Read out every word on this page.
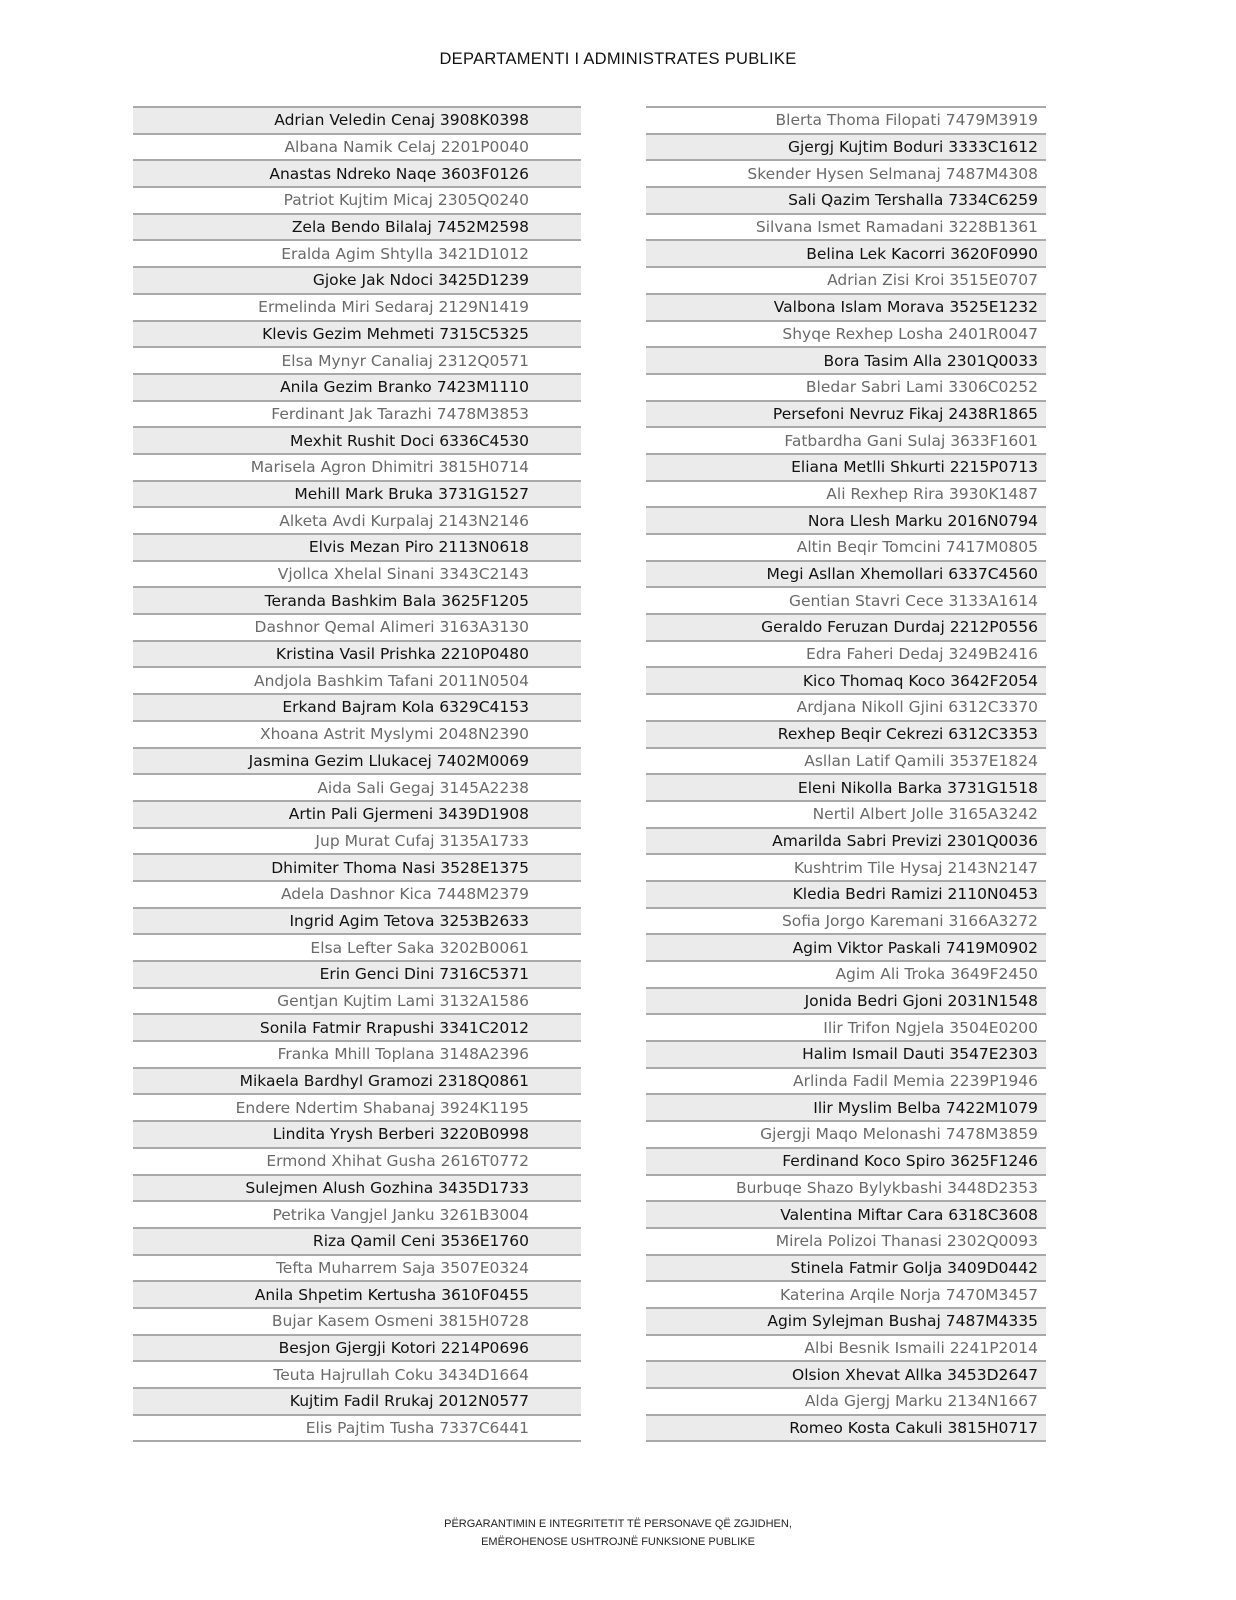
DEPARTAMENTI I ADMINISTRATES PUBLIKE
Adrian Veledin Cenaj 3908K0398
Albana Namik Celaj 2201P0040
Anastas Ndreko Naqe 3603F0126
Patriot Kujtim Micaj 2305Q0240
Zela Bendo Bilalaj 7452M2598
Eralda Agim Shtylla 3421D1012
Gjoke Jak Ndoci 3425D1239
Ermelinda Miri Sedaraj 2129N1419
Klevis Gezim Mehmeti 7315C5325
Elsa Mynyr Canaliaj 2312Q0571
Anila Gezim Branko 7423M1110
Ferdinant Jak Tarazhi 7478M3853
Mexhit Rushit Doci 6336C4530
Marisela Agron Dhimitri 3815H0714
Mehill Mark Bruka 3731G1527
Alketa Avdi Kurpalaj 2143N2146
Elvis Mezan Piro 2113N0618
Vjollca Xhelal Sinani 3343C2143
Teranda Bashkim Bala 3625F1205
Dashnor Qemal Alimeri 3163A3130
Kristina Vasil Prishka 2210P0480
Andjola Bashkim Tafani 2011N0504
Erkand Bajram Kola 6329C4153
Xhoana Astrit Myslymi 2048N2390
Jasmina Gezim Llukacej 7402M0069
Aida Sali Gegaj 3145A2238
Artin Pali Gjermeni 3439D1908
Jup Murat Cufaj 3135A1733
Dhimiter Thoma Nasi 3528E1375
Adela Dashnor Kica 7448M2379
Ingrid Agim Tetova 3253B2633
Elsa Lefter Saka 3202B0061
Erin Genci Dini 7316C5371
Gentjan Kujtim Lami 3132A1586
Sonila Fatmir Rrapushi 3341C2012
Franka Mhill Toplana 3148A2396
Mikaela Bardhyl Gramozi 2318Q0861
Endere Ndertim Shabanaj 3924K1195
Lindita Yrysh Berberi 3220B0998
Ermond Xhihat Gusha 2616T0772
Sulejmen Alush Gozhina 3435D1733
Petrika Vangjel Janku 3261B3004
Riza Qamil Ceni 3536E1760
Tefta Muharrem Saja 3507E0324
Anila Shpetim Kertusha 3610F0455
Bujar Kasem Osmeni 3815H0728
Besjon Gjergji Kotori 2214P0696
Teuta Hajrullah Coku 3434D1664
Kujtim Fadil Rrukaj 2012N0577
Elis Pajtim Tusha 7337C6441
Blerta Thoma Filopati 7479M3919
Gjergj Kujtim Boduri 3333C1612
Skender Hysen Selmanaj 7487M4308
Sali Qazim Tershalla 7334C6259
Silvana Ismet Ramadani 3228B1361
Belina Lek Kacorri 3620F0990
Adrian Zisi Kroi 3515E0707
Valbona Islam Morava 3525E1232
Shyqe Rexhep Losha 2401R0047
Bora Tasim Alla 2301Q0033
Bledar Sabri Lami 3306C0252
Persefoni Nevruz Fikaj 2438R1865
Fatbardha Gani Sulaj 3633F1601
Eliana Metlli Shkurti 2215P0713
Ali Rexhep Rira 3930K1487
Nora Llesh Marku 2016N0794
Altin Beqir Tomcini 7417M0805
Megi Asllan Xhemollari 6337C4560
Gentian Stavri Cece 3133A1614
Geraldo Feruzan Durdaj 2212P0556
Edra Faheri Dedaj 3249B2416
Kico Thomaq Koco 3642F2054
Ardjana Nikoll Gjini 6312C3370
Rexhep Beqir Cekrezi 6312C3353
Asllan Latif Qamili 3537E1824
Eleni Nikolla Barka 3731G1518
Nertil Albert Jolle 3165A3242
Amarilda Sabri Previzi 2301Q0036
Kushtrim Tile Hysaj 2143N2147
Kledia Bedri Ramizi 2110N0453
Sofia Jorgo Karemani 3166A3272
Agim Viktor Paskali 7419M0902
Agim Ali Troka 3649F2450
Jonida Bedri Gjoni 2031N1548
Ilir Trifon Ngjela 3504E0200
Halim Ismail Dauti 3547E2303
Arlinda Fadil Memia 2239P1946
Ilir Myslim Belba 7422M1079
Gjergji Maqo Melonashi 7478M3859
Ferdinand Koco Spiro 3625F1246
Burbuqe Shazo Bylykbashi 3448D2353
Valentina Miftar Cara 6318C3608
Mirela Polizoi Thanasi 2302Q0093
Stinela Fatmir Golja 3409D0442
Katerina Arqile Norja 7470M3457
Agim Sylejman Bushaj 7487M4335
Albi Besnik Ismaili 2241P2014
Olsion Xhevat Allka 3453D2647
Alda Gjergj Marku 2134N1667
Romeo Kosta Cakuli 3815H0717
PËRGARANTIMIN E INTEGRITETIT TË PERSONAVE QË ZGJIDHEN,
EMËROHENOSE USHTROJNË FUNKSIONE PUBLIKE
